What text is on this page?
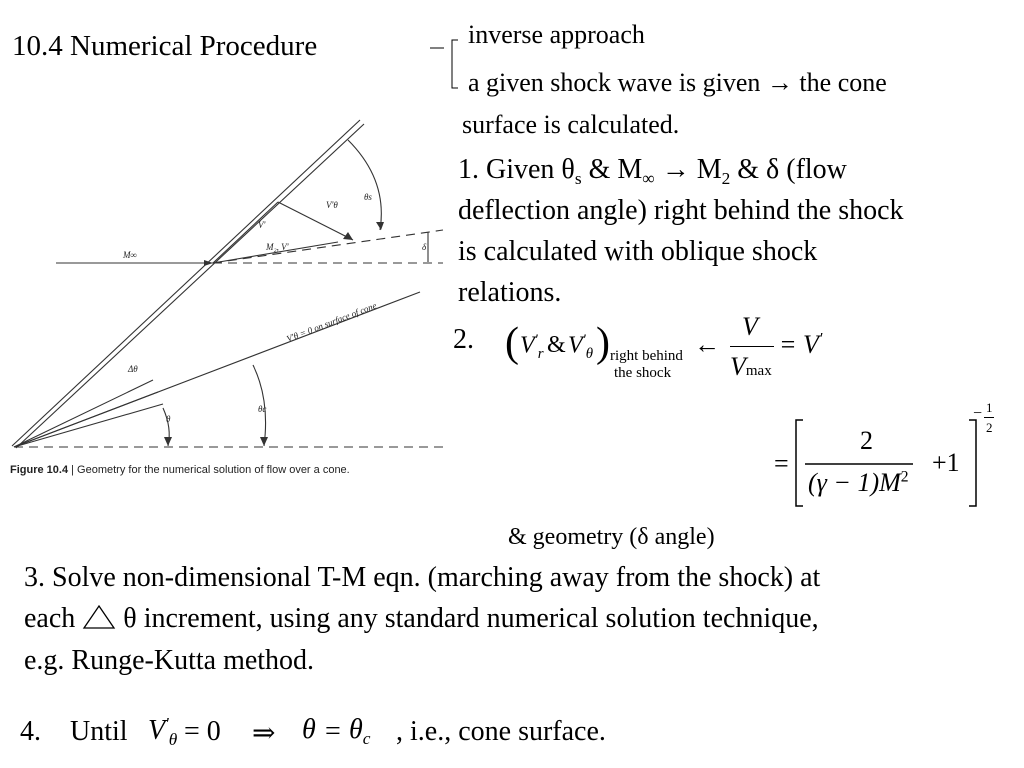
10.4 Numerical Procedure	inverse approach
a given shock wave is given → the cone
surface is calculated.
1. Given $\theta_s$ & $M_\infty \to M_2$ & δ (flow
deflection angle) right behind the shock
is calculated with oblique shock
relations.
2. ( $V'_r$ & $V'_\theta$ ) right behind
the shock
←
V
Vmax
= V'
=
2
$(\gamma - 1)M^2$
+1
− 1
2
& geometry (δ angle)
3. Solve non-dimensional T-M eqn. (marching away from the shock) at
each θ increment, using any standard numerical solution technique,
e.g. Runge-Kutta method.
4. Until $V'_\theta = 0$ ⇒ $\theta = \theta_c$ , i.e., cone surface.
M∞
M₂, V'
V'
V'θ
θs
δ
V'θ = 0 on surface of cone
Δθ
θ
θc
Figure 10.4 | Geometry for the numerical solution of flow over a cone.
